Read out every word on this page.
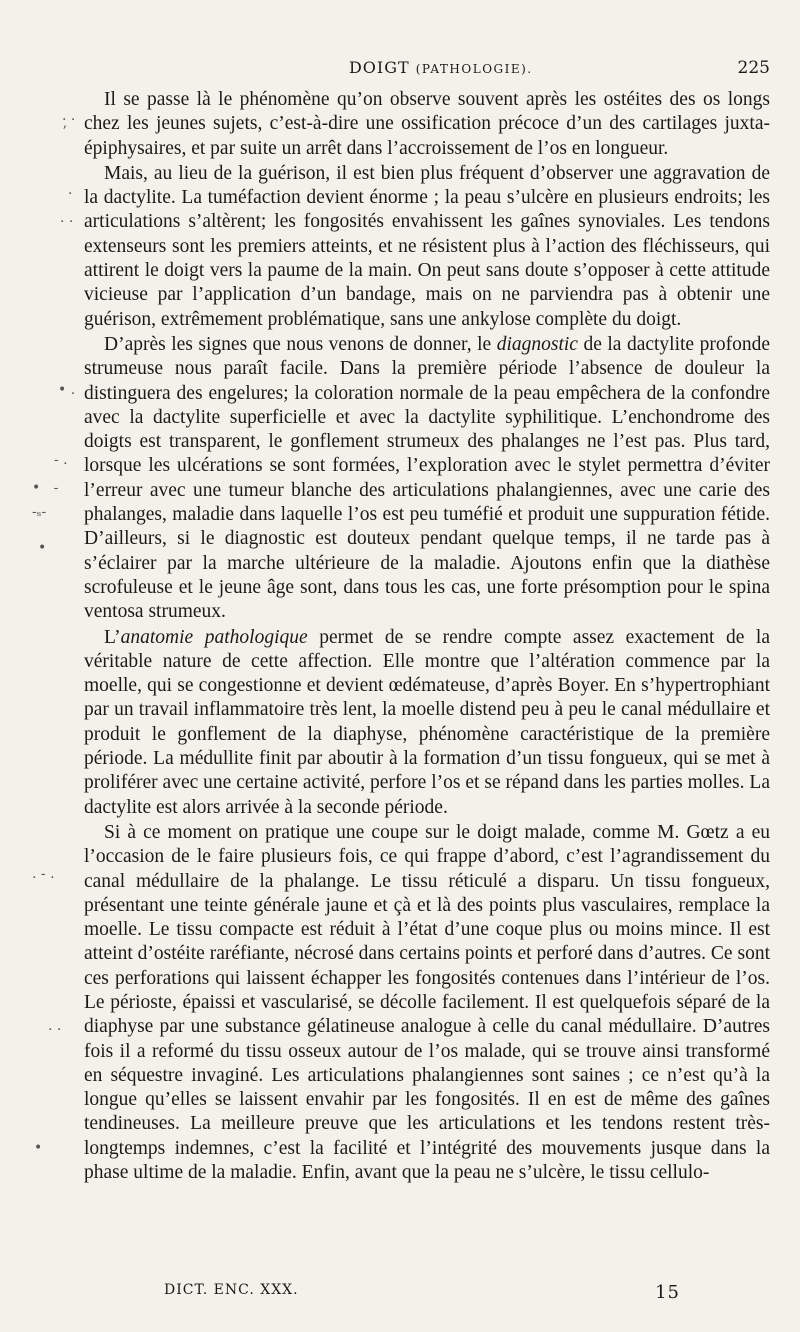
. . ʼ
.
. .
• .
- .
•   -
-ₛ-
•
. - .
. .
•
DOIGT (PATHOLOGIE).	225

Il se passe là le phénomène qu’on observe souvent après les ostéites des os longs chez les jeunes sujets, c’est-à-dire une ossification précoce d’un des cartilages juxta-épiphysaires, et par suite un arrêt dans l’accroissement de l’os en longueur.

Mais, au lieu de la guérison, il est bien plus fréquent d’observer une aggravation de la dactylite. La tuméfaction devient énorme ; la peau s’ulcère en plusieurs endroits; les articulations s’altèrent; les fongosités envahissent les gaînes synoviales. Les tendons extenseurs sont les premiers atteints, et ne résistent plus à l’action des fléchisseurs, qui attirent le doigt vers la paume de la main. On peut sans doute s’opposer à cette attitude vicieuse par l’application d’un bandage, mais on ne parviendra pas à obtenir une guérison, extrêmement problématique, sans une ankylose complète du doigt.

D’après les signes que nous venons de donner, le diagnostic de la dactylite profonde strumeuse nous paraît facile. Dans la première période l’absence de douleur la distinguera des engelures; la coloration normale de la peau empêchera de la confondre avec la dactylite superficielle et avec la dactylite syphilitique. L’enchondrome des doigts est transparent, le gonflement strumeux des phalanges ne l’est pas. Plus tard, lorsque les ulcérations se sont formées, l’exploration avec le stylet permettra d’éviter l’erreur avec une tumeur blanche des articulations phalangiennes, avec une carie des phalanges, maladie dans laquelle l’os est peu tuméfié et produit une suppuration fétide. D’ailleurs, si le diagnostic est douteux pendant quelque temps, il ne tarde pas à s’éclairer par la marche ultérieure de la maladie. Ajoutons enfin que la diathèse scrofuleuse et le jeune âge sont, dans tous les cas, une forte présomption pour le spina ventosa strumeux.

L’anatomie pathologique permet de se rendre compte assez exactement de la véritable nature de cette affection. Elle montre que l’altération commence par la moelle, qui se congestionne et devient œdémateuse, d’après Boyer. En s’hypertrophiant par un travail inflammatoire très lent, la moelle distend peu à peu le canal médullaire et produit le gonflement de la diaphyse, phénomène caractéristique de la première période. La médullite finit par aboutir à la formation d’un tissu fongueux, qui se met à proliférer avec une certaine activité, perfore l’os et se répand dans les parties molles. La dactylite est alors arrivée à la seconde période.

Si à ce moment on pratique une coupe sur le doigt malade, comme M. Gœtz a eu l’occasion de le faire plusieurs fois, ce qui frappe d’abord, c’est l’agrandissement du canal médullaire de la phalange. Le tissu réticulé a disparu. Un tissu fongueux, présentant une teinte générale jaune et çà et là des points plus vasculaires, remplace la moelle. Le tissu compacte est réduit à l’état d’une coque plus ou moins mince. Il est atteint d’ostéite raréfiante, nécrosé dans certains points et perforé dans d’autres. Ce sont ces perforations qui laissent échapper les fongosités contenues dans l’intérieur de l’os. Le périoste, épaissi et vascularisé, se décolle facilement. Il est quelquefois séparé de la diaphyse par une substance gélatineuse analogue à celle du canal médullaire. D’autres fois il a reformé du tissu osseux autour de l’os malade, qui se trouve ainsi transformé en séquestre invaginé. Les articulations phalangiennes sont saines ; ce n’est qu’à la longue qu’elles se laissent envahir par les fongosités. Il en est de même des gaînes tendineuses. La meilleure preuve que les articulations et les tendons restent très-longtemps indemnes, c’est la facilité et l’intégrité des mouvements jusque dans la phase ultime de la maladie. Enfin, avant que la peau ne s’ulcère, le tissu cellulo-

DICT. ENC. XXX.	15
